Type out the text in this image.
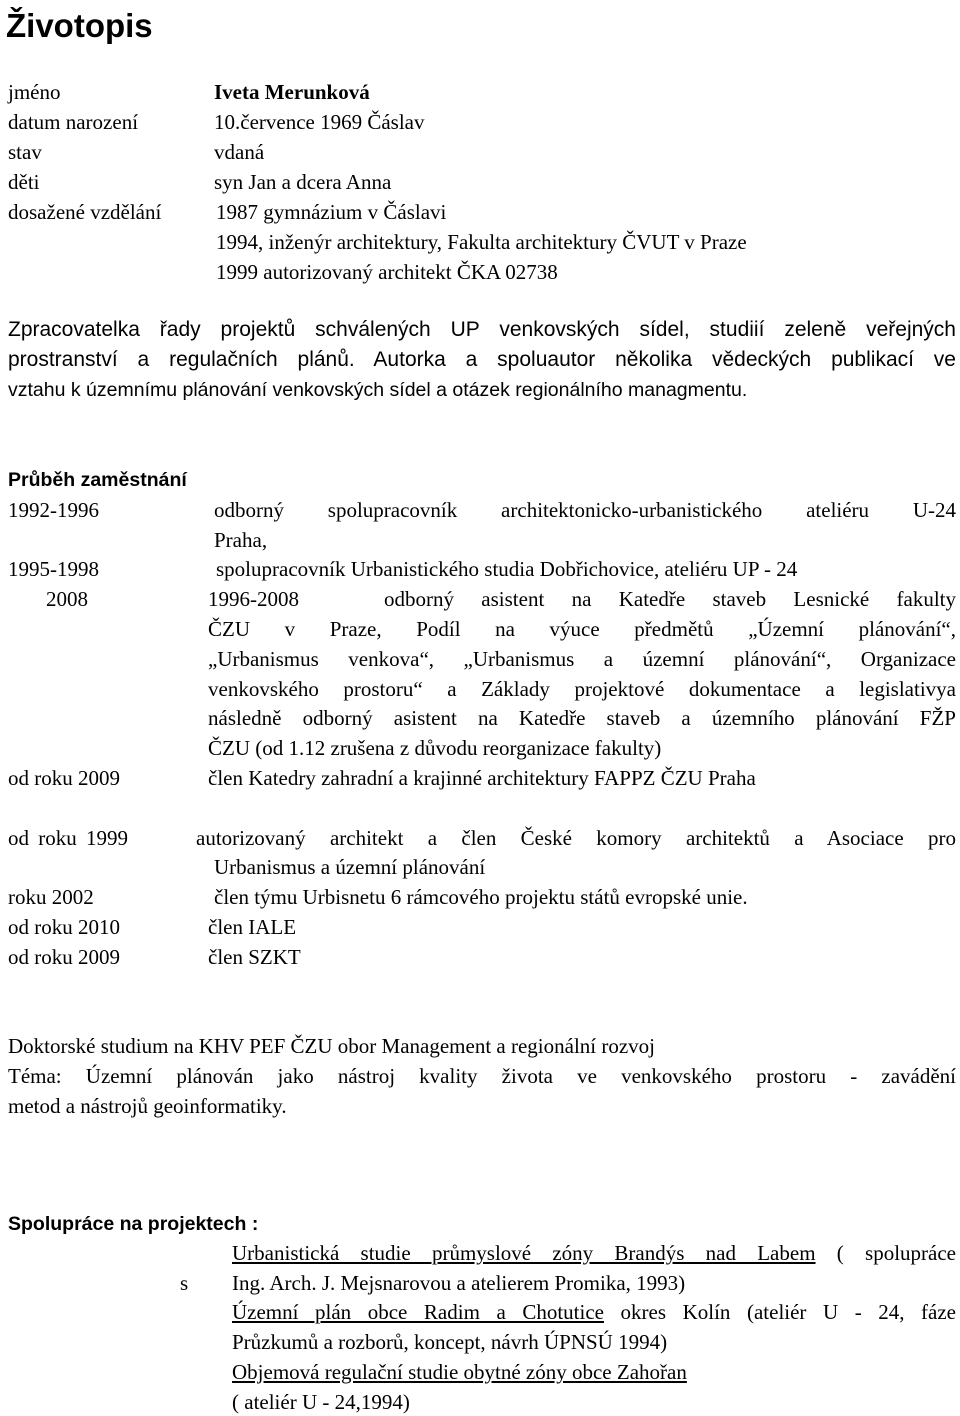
Životopis
jméno	Iveta Merunková
datum narození	10.července 1969 Čáslav
stav	vdaná
děti	syn Jan a dcera Anna
dosažené vzdělání	1987 gymnázium v Čáslavi
1994, inženýr architektury, Fakulta architektury ČVUT v Praze
1999 autorizovaný architekt ČKA 02738
Zpracovatelka řady projektů schválených UP venkovských sídel, studiií zeleně veřejných
prostranství a regulačních plánů. Autorka a spoluautor několika vědeckých publikací ve
vztahu k územnímu plánování venkovských sídel a otázek regionálního managmentu.
Průběh zaměstnání
1992-1996	odborný spolupracovník architektonicko-urbanistického ateliéru U-24
Praha,
1995-1998	spolupracovník Urbanistického studia Dobřichovice, ateliéru UP - 24
2008	1996-2008	odborný asistent na Katedře staveb Lesnické fakulty
ČZU v Praze, Podíl na výuce předmětů „Územní plánování“,
„Urbanismus venkova“, „Urbanismus a územní plánování“, Organizace
venkovského prostoru“ a Základy projektové dokumentace a legislativya
následně odborný asistent na Katedře staveb a územního plánování FŽP
ČZU (od 1.12 zrušena z důvodu reorganizace fakulty)
od roku 2009	člen Katedry zahradní a krajinné architektury FAPPZ ČZU Praha
od roku 1999	autorizovaný architekt a člen České komory architektů a Asociace pro
Urbanismus a územní plánování
roku 2002	člen týmu Urbisnetu 6 rámcového projektu států evropské unie.
od roku 2010	člen IALE
od roku 2009	člen SZKT
Doktorské studium na KHV PEF ČZU obor Management a regionální rozvoj
Téma: Územní plánován jako nástroj kvality života ve venkovského prostoru - zavádění
metod a nástrojů geoinformatiky.
Spolupráce na projektech :
Urbanistická studie průmyslové zóny Brandýs nad Labem ( spolupráce
s Ing. Arch. J. Mejsnarovou a atelierem Promika, 1993)
Územní plán obce Radim a Chotutice okres Kolín (ateliér U - 24, fáze
Průzkumů a rozborů, koncept, návrh ÚPNSÚ 1994)
Objemová regulační studie obytné zóny obce Zahořan
( ateliér U - 24,1994)
